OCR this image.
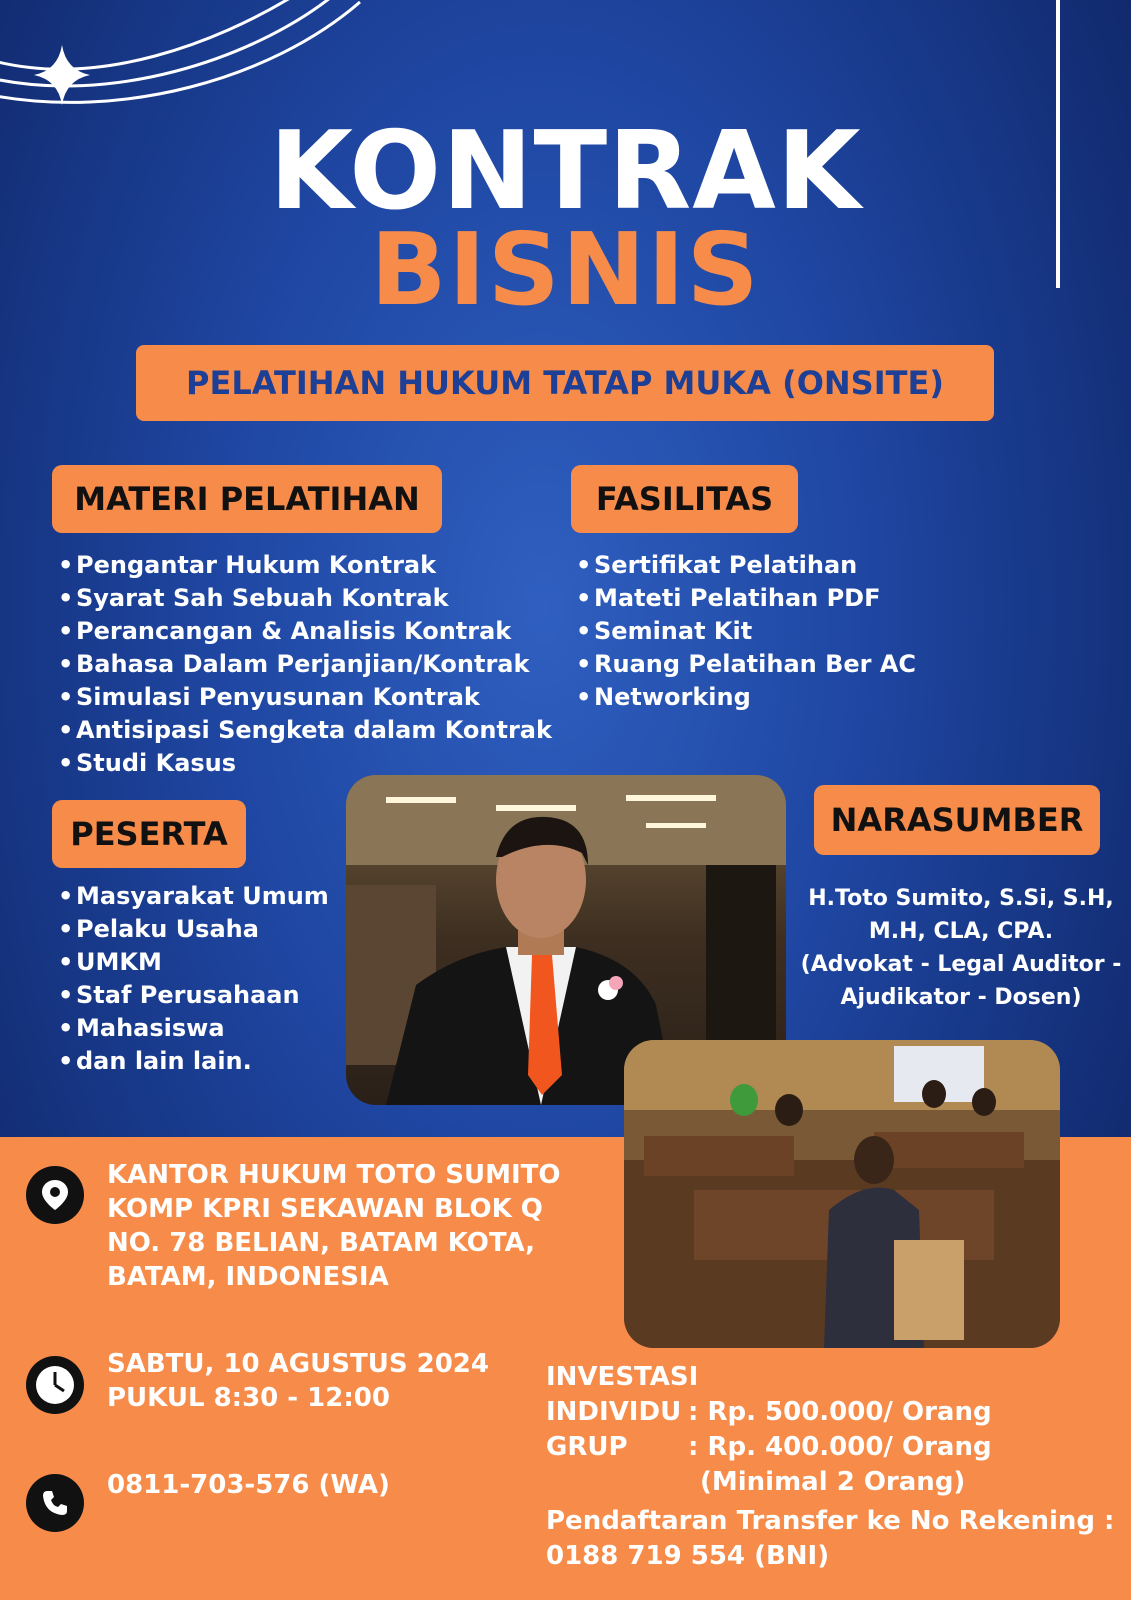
KONTRAK
BISNIS
PELATIHAN HUKUM TATAP MUKA (ONSITE)
MATERI PELATIHAN
• Pengantar Hukum Kontrak
• Syarat Sah Sebuah Kontrak
• Perancangan & Analisis Kontrak
• Bahasa Dalam Perjanjian/Kontrak
• Simulasi Penyusunan Kontrak
• Antisipasi Sengketa dalam Kontrak
• Studi Kasus
FASILITAS
• Sertifikat Pelatihan
• Mateti Pelatihan PDF
• Seminat Kit
• Ruang Pelatihan Ber AC
• Networking
PESERTA
• Masyarakat Umum
• Pelaku Usaha
• UMKM
• Staf Perusahaan
• Mahasiswa
• dan lain lain.
NARASUMBER
H.Toto Sumito, S.Si, S.H,
M.H, CLA, CPA.
(Advokat - Legal Auditor -
Ajudikator - Dosen)
KANTOR HUKUM TOTO SUMITO
KOMP KPRI SEKAWAN BLOK Q
NO. 78 BELIAN, BATAM KOTA,
BATAM, INDONESIA
SABTU, 10 AGUSTUS 2024
PUKUL 8:30 - 12:00
0811-703-576 (WA)
INVESTASI
INDIVIDU : Rp. 500.000/ Orang
GRUP	: Rp. 400.000/ Orang
(Minimal 2 Orang)
Pendaftaran Transfer ke No Rekening :
0188 719 554 (BNI)
